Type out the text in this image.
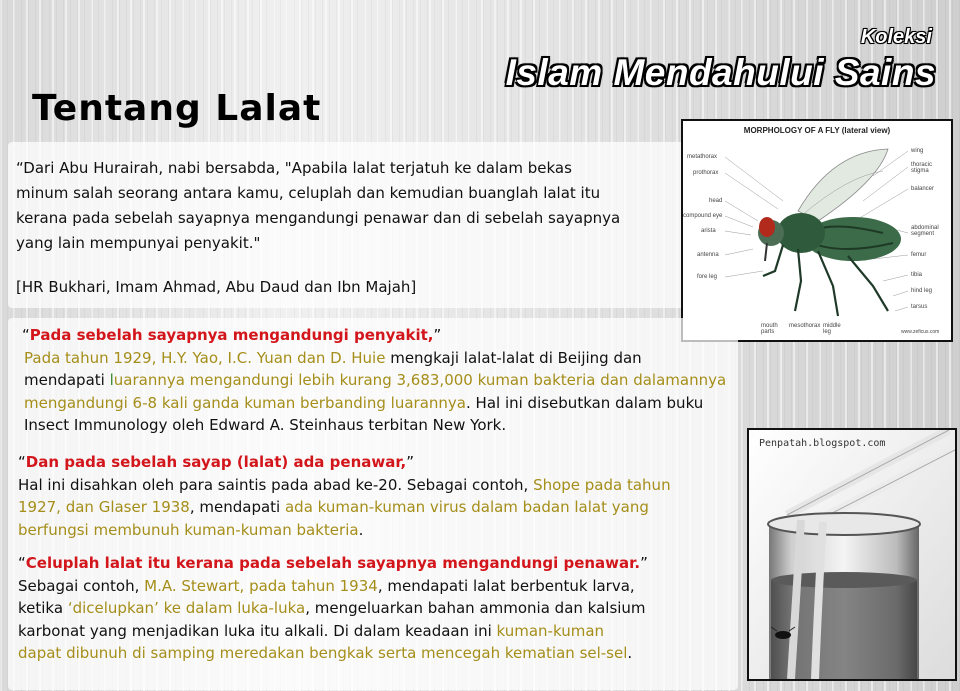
Koleksi
Islam Mendahului Sains
Tentang Lalat
“Dari Abu Hurairah, nabi bersabda, "Apabila lalat terjatuh ke dalam bekas
minum salah seorang antara kamu, celuplah dan kemudian buanglah lalat itu
kerana pada sebelah sayapnya mengandungi penawar dan di sebelah sayapnya
yang lain mempunyai penyakit."
[HR Bukhari, Imam Ahmad, Abu Daud dan Ibn Majah]
MORPHOLOGY OF A FLY (lateral view)
metathorax
prothorax
head
compound eye
arista
antenna
fore leg
wing
thoracic stigma
balancer
abdominal segment
femur
tibia
hind leg
tarsus
mouth parts
mesothorax middle leg	www.zeficus.com
“Pada sebelah sayapnya mengandungi penyakit,”
Pada tahun 1929, H.Y. Yao, I.C. Yuan dan D. Huie mengkaji lalat-lalat di Beijing dan
mendapati luarannya mengandungi lebih kurang 3,683,000 kuman bakteria dan dalamannya
mengandungi 6-8 kali ganda kuman berbanding luarannya. Hal ini disebutkan dalam buku
Insect Immunology oleh Edward A. Steinhaus terbitan New York.
“Dan pada sebelah sayap (lalat) ada penawar,”
Hal ini disahkan oleh para saintis pada abad ke-20. Sebagai contoh, Shope pada tahun
1927, dan Glaser 1938, mendapati ada kuman-kuman virus dalam badan lalat yang
berfungsi membunuh kuman-kuman bakteria.
“Celuplah lalat itu kerana pada sebelah sayapnya mengandungi penawar.”
Sebagai contoh, M.A. Stewart, pada tahun 1934, mendapati lalat berbentuk larva,
ketika ‘dicelupkan’ ke dalam luka-luka, mengeluarkan bahan ammonia dan kalsium
karbonat yang menjadikan luka itu alkali. Di dalam keadaan ini kuman-kuman
dapat dibunuh di samping meredakan bengkak serta mencegah kematian sel-sel.
Penpatah.blogspot.com
